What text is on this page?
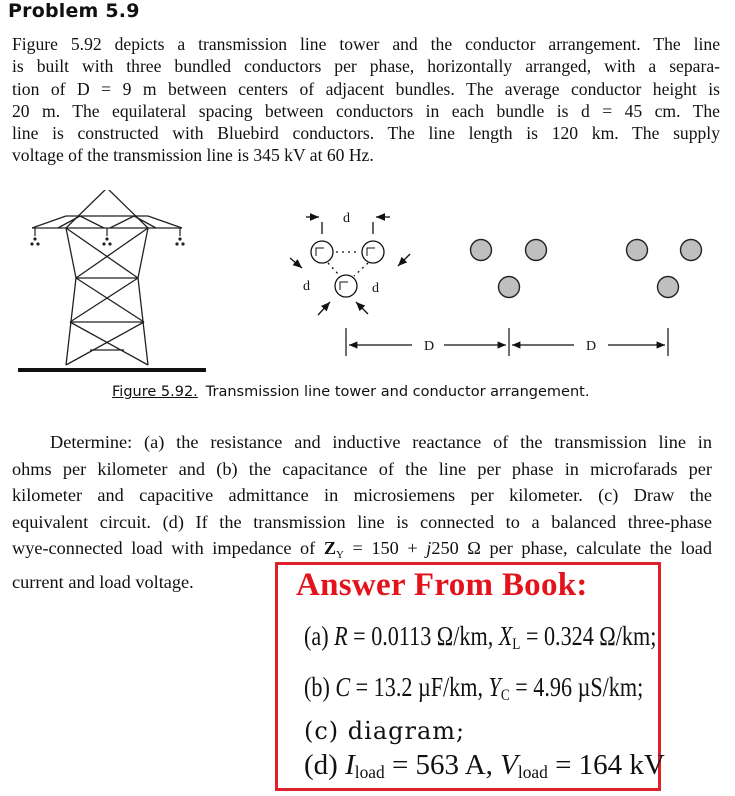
Problem 5.9
Figure 5.92 depicts a transmission line tower and the conductor arrangement. The line
is built with three bundled conductors per phase, horizontally arranged, with a separa-
tion of D = 9 m between centers of adjacent bundles. The average conductor height is
20 m. The equilateral spacing between conductors in each bundle is d = 45 cm. The
line is constructed with Bluebird conductors. The line length is 120 km. The supply
voltage of the transmission line is 345 kV at 60 Hz.
d
d	d
D	D
Figure 5.92. Transmission line tower and conductor arrangement.
Determine: (a) the resistance and inductive reactance of the transmission line in
ohms per kilometer and (b) the capacitance of the line per phase in microfarads per
kilometer and capacitive admittance in microsiemens per kilometer. (c) Draw the
equivalent circuit. (d) If the transmission line is connected to a balanced three-phase
wye-connected load with impedance of $Z_Y = 150 + j250$ Ω per phase, calculate the load
current and load voltage.	Answer From Book:
(a) R = 0.0113 Ω/km, $X_L = 0.324$ Ω/km;
(b) C = 13.2 µF/km, $Y_C = 4.96$ µS/km;
(c) diagram;
(d) $I_{load} = 563$ A, $V_{load} = 164$ kV
